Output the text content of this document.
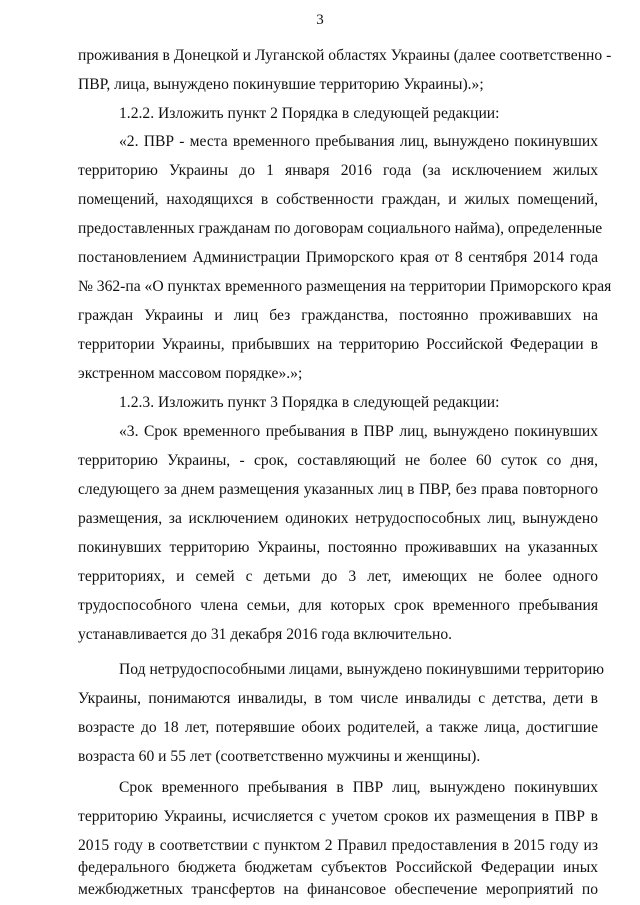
3
проживания в Донецкой и Луганской областях Украины (далее соответственно -
ПВР, лица, вынуждено покинувшие территорию Украины).»;
1.2.2. Изложить пункт 2 Порядка в следующей редакции:
«2. ПВР - места временного пребывания лиц, вынуждено покинувших
территорию Украины до 1 января 2016 года (за исключением жилых
помещений, находящихся в собственности граждан, и жилых помещений,
предоставленных гражданам по договорам социального найма), определенные
постановлением Администрации Приморского края от 8 сентября 2014 года
№ 362-па «О пунктах временного размещения на территории Приморского края
граждан Украины и лиц без гражданства, постоянно проживавших на
территории Украины, прибывших на территорию Российской Федерации в
экстренном массовом порядке».»;
1.2.3. Изложить пункт 3 Порядка в следующей редакции:
«3. Срок временного пребывания в ПВР лиц, вынуждено покинувших
территорию Украины, - срок, составляющий не более 60 суток со дня,
следующего за днем размещения указанных лиц в ПВР, без права повторного
размещения, за исключением одиноких нетрудоспособных лиц, вынуждено
покинувших территорию Украины, постоянно проживавших на указанных
территориях, и семей с детьми до 3 лет, имеющих не более одного
трудоспособного члена семьи, для которых срок временного пребывания
устанавливается до 31 декабря 2016 года включительно.
Под нетрудоспособными лицами, вынуждено покинувшими территорию
Украины, понимаются инвалиды, в том числе инвалиды с детства, дети в
возрасте до 18 лет, потерявшие обоих родителей, а также лица, достигшие
возраста 60 и 55 лет (соответственно мужчины и женщины).
Срок временного пребывания в ПВР лиц, вынуждено покинувших
территорию Украины, исчисляется с учетом сроков их размещения в ПВР в
2015 году в соответствии с пунктом 2 Правил предоставления в 2015 году из
федерального бюджета бюджетам субъектов Российской Федерации иных
межбюджетных трансфертов на финансовое обеспечение мероприятий по
